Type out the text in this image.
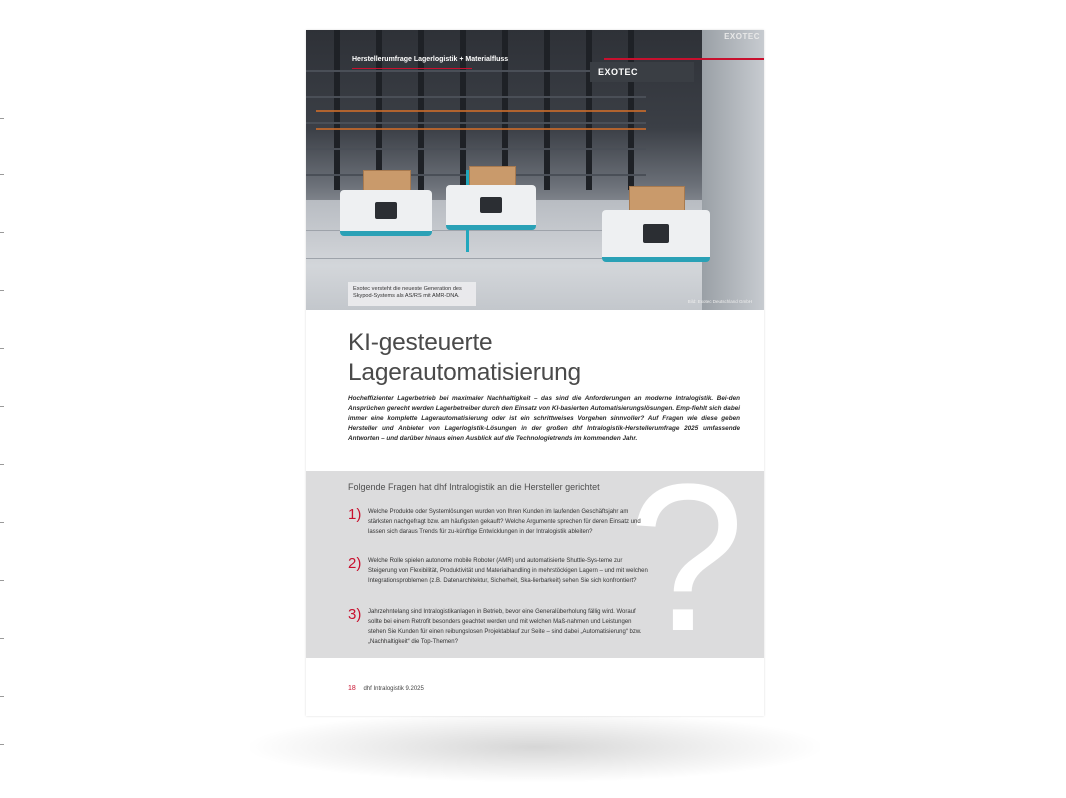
EXOTEC
EXOTEC
Herstellerumfrage Lagerlogistik + Materialfluss
Exotec versteht die neueste Generation des Skypod-Systems als AS/RS mit AMR-DNA.
Bild: Exotec Deutschland GmbH
KI-gesteuerte
Lagerautomatisierung
Hocheffizienter Lagerbetrieb bei maximaler Nachhaltigkeit – das sind die Anforderungen an moderne Intralogistik. Bei-den Ansprüchen gerecht werden Lagerbetreiber durch den Einsatz von KI-basierten Automatisierungslösungen. Emp-fiehlt sich dabei immer eine komplette Lagerautomatisierung oder ist ein schrittweises Vorgehen sinnvoller? Auf Fragen wie diese geben Hersteller und Anbieter von Lagerlogistik-Lösungen in der großen dhf Intralogistik-Herstellerumfrage 2025 umfassende Antworten – und darüber hinaus einen Ausblick auf die Technologietrends im kommenden Jahr.
?
Folgende Fragen hat dhf Intralogistik an die Hersteller gerichtet
1) Welche Produkte oder Systemlösungen wurden von Ihren Kunden im laufenden Geschäftsjahr am stärksten nachgefragt bzw. am häufigsten gekauft? Welche Argumente sprechen für deren Einsatz und lassen sich daraus Trends für zu-künftige Entwicklungen in der Intralogistik ableiten?
2) Welche Rolle spielen autonome mobile Roboter (AMR) und automatisierte Shuttle-Sys-teme zur Steigerung von Flexibilität, Produktivität und Materialhandling in mehrstöckigen Lagern – und mit welchen Integrationsproblemen (z.B. Datenarchitektur, Sicherheit, Ska-lierbarkeit) sehen Sie sich konfrontiert?
3) Jahrzehntelang sind Intralogistikanlagen in Betrieb, bevor eine Generalüberholung fällig wird. Worauf sollte bei einem Retrofit besonders geachtet werden und mit welchen Maß-nahmen und Leistungen stehen Sie Kunden für einen reibungslosen Projektablauf zur Seite – sind dabei „Automatisierung“ bzw. „Nachhaltigkeit“ die Top-Themen?
18 dhf Intralogistik 9.2025
